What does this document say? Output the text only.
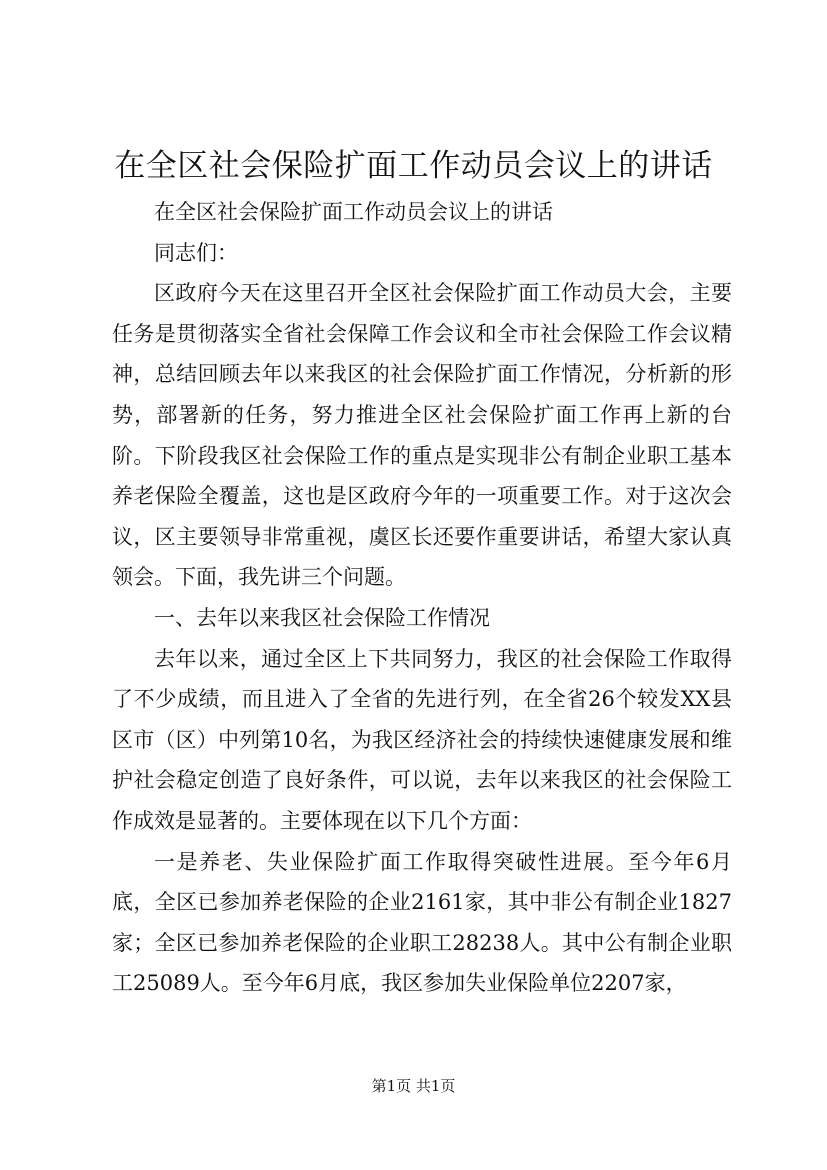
在全区社会保险扩面工作动员会议上的讲话

在全区社会保险扩面工作动员会议上的讲话

同志们：

区政府今天在这里召开全区社会保险扩面工作动员大会，主要任务是贯彻落实全省社会保障工作会议和全市社会保险工作会议精神，总结回顾去年以来我区的社会保险扩面工作情况，分析新的形势，部署新的任务，努力推进全区社会保险扩面工作再上新的台阶。下阶段我区社会保险工作的重点是实现非公有制企业职工基本养老保险全覆盖，这也是区政府今年的一项重要工作。对于这次会议，区主要领导非常重视，虞区长还要作重要讲话，希望大家认真领会。下面，我先讲三个问题。

一、去年以来我区社会保险工作情况

去年以来，通过全区上下共同努力，我区的社会保险工作取得了不少成绩，而且进入了全省的先进行列，在全省26个较发XX县区市（区）中列第10名，为我区经济社会的持续快速健康发展和维护社会稳定创造了良好条件，可以说，去年以来我区的社会保险工作成效是显著的。主要体现在以下几个方面：

一是养老、失业保险扩面工作取得突破性进展。至今年6月底，全区已参加养老保险的企业2161家，其中非公有制企业1827家；全区已参加养老保险的企业职工28238人。其中公有制企业职工25089人。至今年6月底，我区参加失业保险单位2207家，

第1页 共1页
